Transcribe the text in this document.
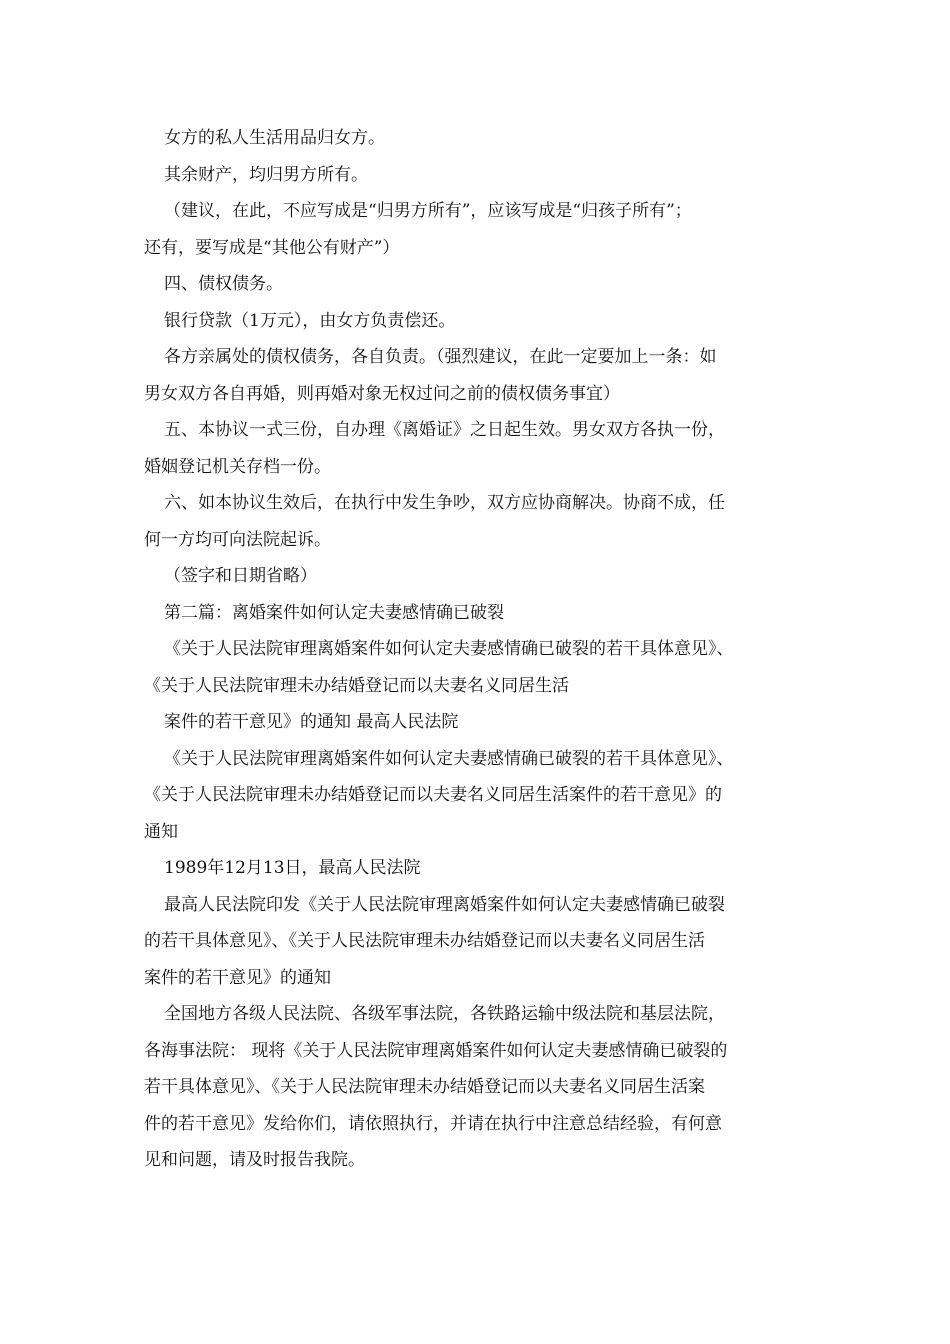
女方的私人生活用品归女方。
其余财产，均归男方所有。
（建议，在此，不应写成是“归男方所有”，应该写成是“归孩子所有”；
还有，要写成是“其他公有财产”）
四、债权债务。
银行贷款（1万元），由女方负责偿还。
各方亲属处的债权债务，各自负责。（强烈建议，在此一定要加上一条：如
男女双方各自再婚，则再婚对象无权过问之前的债权债务事宜）
五、本协议一式三份，自办理《离婚证》之日起生效。男女双方各执一份，
婚姻登记机关存档一份。
六、如本协议生效后，在执行中发生争吵，双方应协商解决。协商不成，任
何一方均可向法院起诉。
（签字和日期省略）
第二篇：离婚案件如何认定夫妻感情确已破裂
《关于人民法院审理离婚案件如何认定夫妻感情确已破裂的若干具体意见》、
《关于人民法院审理未办结婚登记而以夫妻名义同居生活
案件的若干意见》的通知 最高人民法院
《关于人民法院审理离婚案件如何认定夫妻感情确已破裂的若干具体意见》、
《关于人民法院审理未办结婚登记而以夫妻名义同居生活案件的若干意见》的
通知
1989年12月13日，最高人民法院
最高人民法院印发《关于人民法院审理离婚案件如何认定夫妻感情确已破裂
的若干具体意见》、《关于人民法院审理未办结婚登记而以夫妻名义同居生活
案件的若干意见》的通知
全国地方各级人民法院、各级军事法院，各铁路运输中级法院和基层法院，
各海事法院： 现将《关于人民法院审理离婚案件如何认定夫妻感情确已破裂的
若干具体意见》、《关于人民法院审理未办结婚登记而以夫妻名义同居生活案
件的若干意见》发给你们，请依照执行，并请在执行中注意总结经验，有何意
见和问题，请及时报告我院。
